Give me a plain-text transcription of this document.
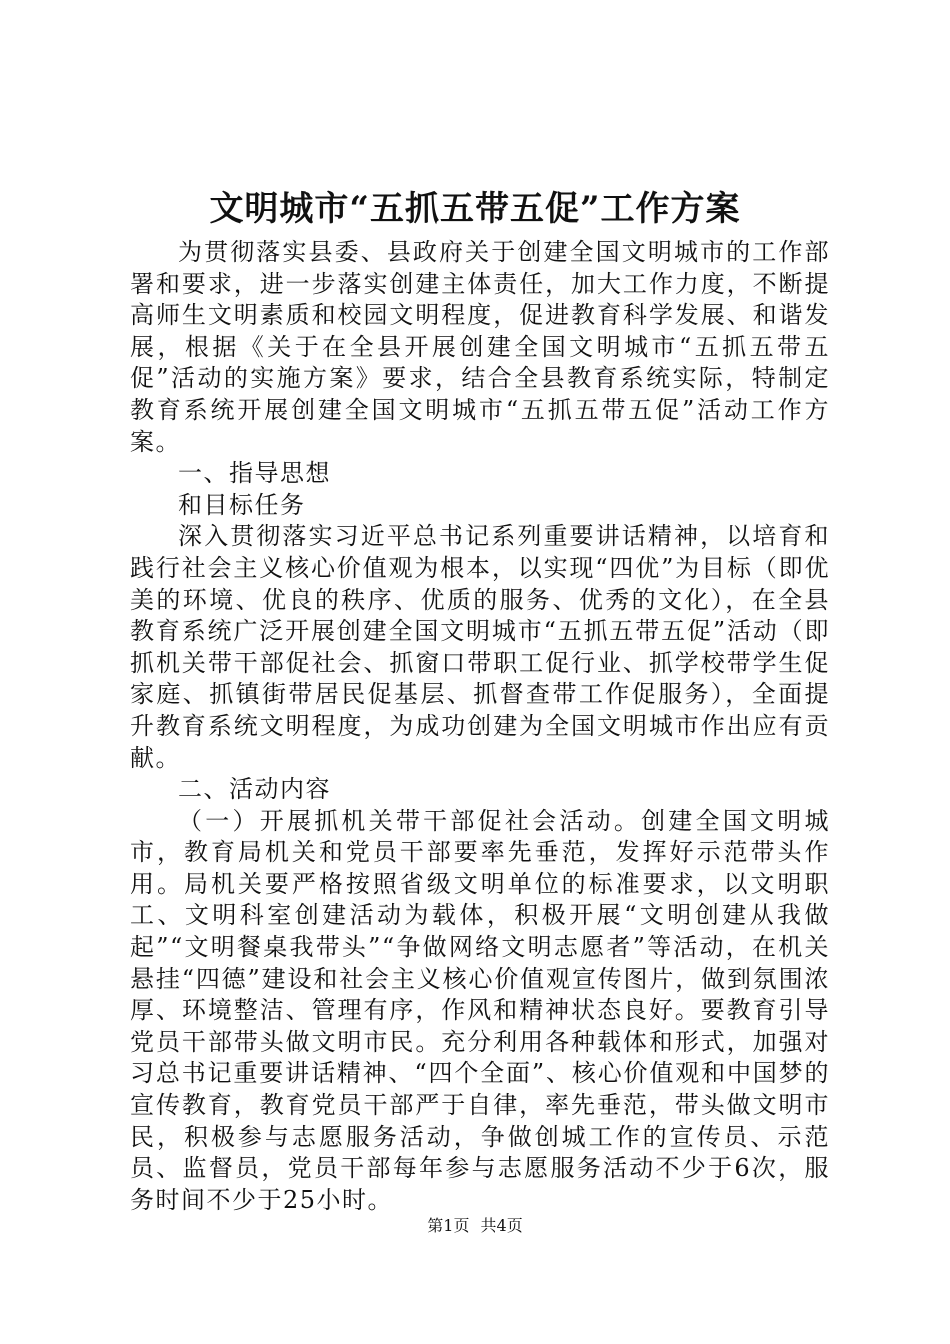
文明城市“五抓五带五促”工作方案

为贯彻落实县委、县政府关于创建全国文明城市的工作部署和要求，进一步落实创建主体责任，加大工作力度，不断提高师生文明素质和校园文明程度，促进教育科学发展、和谐发展，根据《关于在全县开展创建全国文明城市“五抓五带五促”活动的实施方案》要求，结合全县教育系统实际，特制定教育系统开展创建全国文明城市“五抓五带五促”活动工作方案。

一、指导思想

和目标任务

深入贯彻落实习近平总书记系列重要讲话精神，以培育和践行社会主义核心价值观为根本，以实现“四优”为目标（即优美的环境、优良的秩序、优质的服务、优秀的文化），在全县教育系统广泛开展创建全国文明城市“五抓五带五促”活动（即抓机关带干部促社会、抓窗口带职工促行业、抓学校带学生促家庭、抓镇街带居民促基层、抓督查带工作促服务），全面提升教育系统文明程度，为成功创建为全国文明城市作出应有贡献。

二、活动内容

（一）开展抓机关带干部促社会活动。创建全国文明城市，教育局机关和党员干部要率先垂范，发挥好示范带头作用。局机关要严格按照省级文明单位的标准要求，以文明职工、文明科室创建活动为载体，积极开展“文明创建从我做起”“文明餐桌我带头”“争做网络文明志愿者”等活动，在机关悬挂“四德”建设和社会主义核心价值观宣传图片，做到氛围浓厚、环境整洁、管理有序，作风和精神状态良好。要教育引导党员干部带头做文明市民。充分利用各种载体和形式，加强对习总书记重要讲话精神、“四个全面”、核心价值观和中国梦的宣传教育，教育党员干部严于自律，率先垂范，带头做文明市民，积极参与志愿服务活动，争做创城工作的宣传员、示范员、监督员，党员干部每年参与志愿服务活动不少于6次，服务时间不少于25小时。

第1页 共4页
